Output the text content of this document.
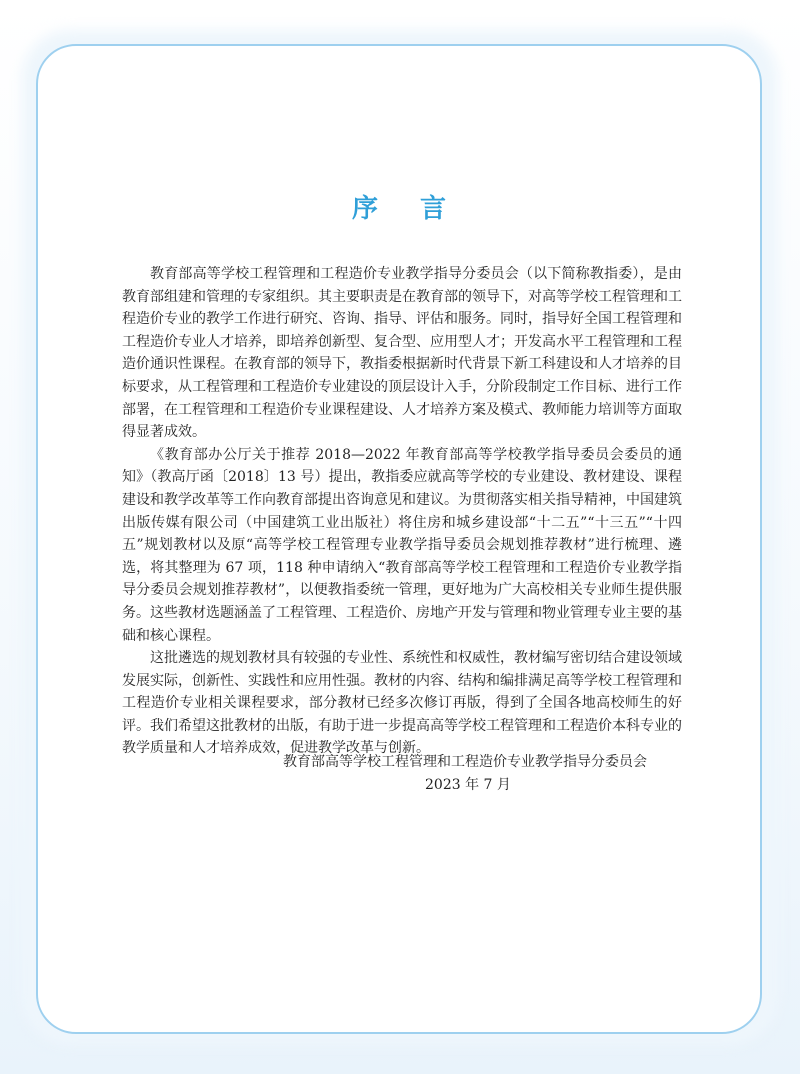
序 言

教育部高等学校工程管理和工程造价专业教学指导分委员会（以下简称教指委），是由教育部组建和管理的专家组织。其主要职责是在教育部的领导下，对高等学校工程管理和工程造价专业的教学工作进行研究、咨询、指导、评估和服务。同时，指导好全国工程管理和工程造价专业人才培养，即培养创新型、复合型、应用型人才；开发高水平工程管理和工程造价通识性课程。在教育部的领导下，教指委根据新时代背景下新工科建设和人才培养的目标要求，从工程管理和工程造价专业建设的顶层设计入手，分阶段制定工作目标、进行工作部署，在工程管理和工程造价专业课程建设、人才培养方案及模式、教师能力培训等方面取得显著成效。

《教育部办公厅关于推荐 2018—2022 年教育部高等学校教学指导委员会委员的通知》（教高厅函〔2018〕13 号）提出，教指委应就高等学校的专业建设、教材建设、课程建设和教学改革等工作向教育部提出咨询意见和建议。为贯彻落实相关指导精神，中国建筑出版传媒有限公司（中国建筑工业出版社）将住房和城乡建设部“十二五”“十三五”“十四五”规划教材以及原“高等学校工程管理专业教学指导委员会规划推荐教材”进行梳理、遴选，将其整理为 67 项，118 种申请纳入“教育部高等学校工程管理和工程造价专业教学指导分委员会规划推荐教材”，以便教指委统一管理，更好地为广大高校相关专业师生提供服务。这些教材选题涵盖了工程管理、工程造价、房地产开发与管理和物业管理专业主要的基础和核心课程。

这批遴选的规划教材具有较强的专业性、系统性和权威性，教材编写密切结合建设领域发展实际，创新性、实践性和应用性强。教材的内容、结构和编排满足高等学校工程管理和工程造价专业相关课程要求，部分教材已经多次修订再版，得到了全国各地高校师生的好评。我们希望这批教材的出版，有助于进一步提高高等学校工程管理和工程造价本科专业的教学质量和人才培养成效，促进教学改革与创新。

教育部高等学校工程管理和工程造价专业教学指导分委员会
2023 年 7 月
